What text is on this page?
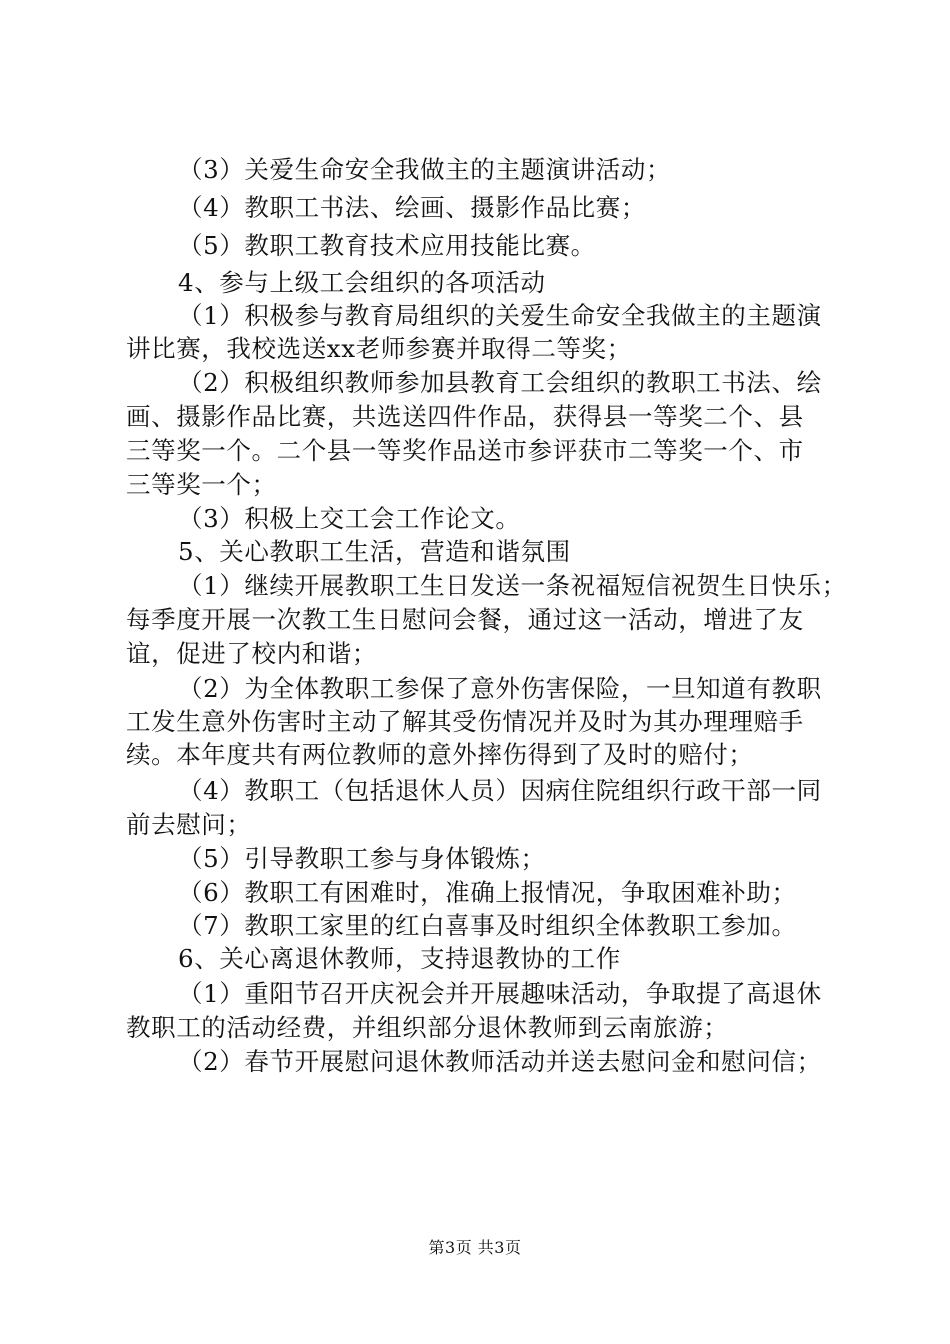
（3）关爱生命安全我做主的主题演讲活动；
（4）教职工书法、绘画、摄影作品比赛；
（5）教职工教育技术应用技能比赛。
4、参与上级工会组织的各项活动
（1）积极参与教育局组织的关爱生命安全我做主的主题演
讲比赛，我校选送xx老师参赛并取得二等奖；
（2）积极组织教师参加县教育工会组织的教职工书法、绘
画、摄影作品比赛，共选送四件作品，获得县一等奖二个、县
三等奖一个。二个县一等奖作品送市参评获市二等奖一个、市
三等奖一个；
（3）积极上交工会工作论文。
5、关心教职工生活，营造和谐氛围
（1）继续开展教职工生日发送一条祝福短信祝贺生日快乐；
每季度开展一次教工生日慰问会餐，通过这一活动，增进了友
谊，促进了校内和谐；
（2）为全体教职工参保了意外伤害保险，一旦知道有教职
工发生意外伤害时主动了解其受伤情况并及时为其办理理赔手
续。本年度共有两位教师的意外摔伤得到了及时的赔付；
（4）教职工（包括退休人员）因病住院组织行政干部一同
前去慰问；
（5）引导教职工参与身体锻炼；
（6）教职工有困难时，准确上报情况，争取困难补助；
（7）教职工家里的红白喜事及时组织全体教职工参加。
6、关心离退休教师，支持退教协的工作
（1）重阳节召开庆祝会并开展趣味活动，争取提了高退休
教职工的活动经费，并组织部分退休教师到云南旅游；
（2）春节开展慰问退休教师活动并送去慰问金和慰问信；
第3页 共3页
